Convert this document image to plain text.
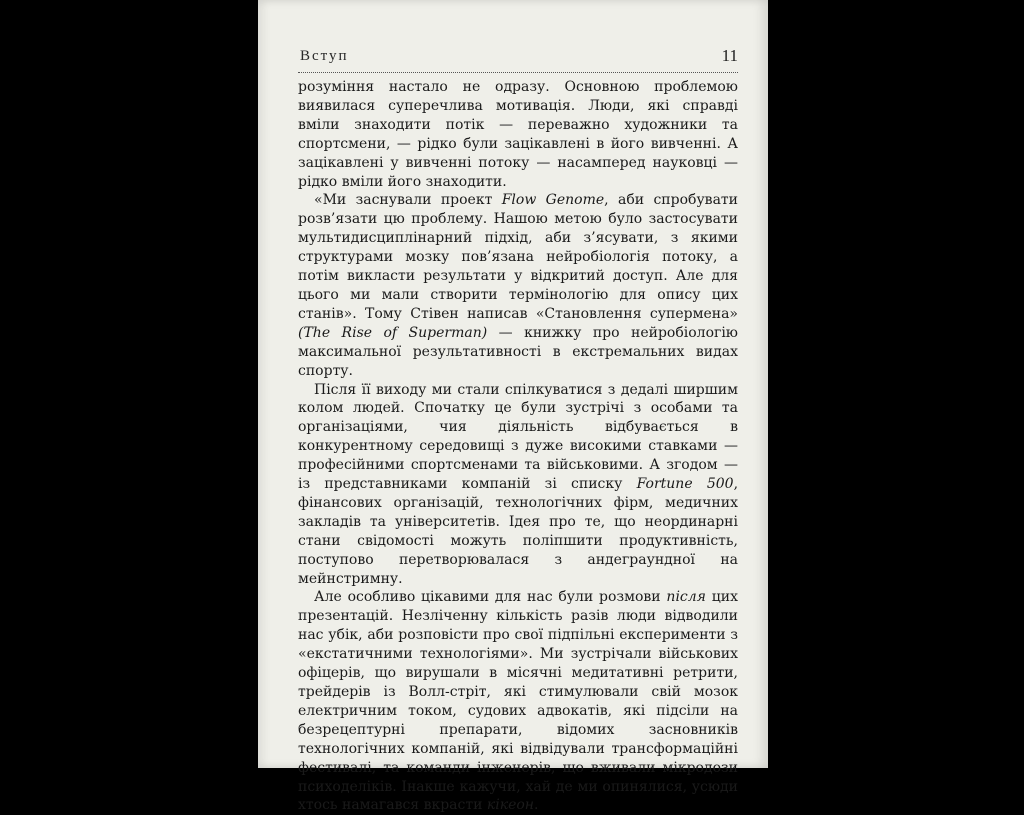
Вступ	11

розуміння настало не одразу. Основною проблемою виявилася суперечлива мотивація. Люди, які справді вміли знаходити потік — переважно художники та спортсмени, — рідко були зацікавлені в його вивченні. А зацікавлені у вивченні потоку — насамперед науковці — рідко вміли його знаходити.

«Ми заснували проект Flow Genome, аби спробувати розв’язати цю проблему. Нашою метою було застосувати мультидисциплінарний підхід, аби з’ясувати, з якими структурами мозку пов’язана нейробіологія потоку, а потім викласти результати у відкритий доступ. Але для цього ми мали створити термінологію для опису цих станів». Тому Стівен написав «Становлення супермена» (The Rise of Superman) — книжку про нейробіологію максимальної результативності в екстремальних видах спорту.

Після її виходу ми стали спілкуватися з дедалі ширшим колом людей. Спочатку це були зустрічі з особами та організаціями, чия діяльність відбувається в конкурентному середовищі з дуже високими ставками — професійними спортсменами та військовими. А згодом — із представниками компаній зі списку Fortune 500, фінансових організацій, технологічних фірм, медичних закладів та університетів. Ідея про те, що неординарні стани свідомості можуть поліпшити продуктивність, поступово перетворювалася з андеграундної на мейнстримну.

Але особливо цікавими для нас були розмови після цих презентацій. Незліченну кількість разів люди відводили нас убік, аби розповісти про свої підпільні експерименти з «екстатичними технологіями». Ми зустрічали військових офіцерів, що вирушали в місячні медитативні ретрити, трейдерів із Волл-стріт, які стимулювали свій мозок електричним током, судових адвокатів, які підсіли на безрецептурні препарати, відомих засновників технологічних компаній, які відвідували трансформаційні фестивалі, та команди інженерів, що вживали мікродози психоделіків. Інакше кажучи, хай де ми опинялися, усюди хтось намагався вкрасти кікеон.
